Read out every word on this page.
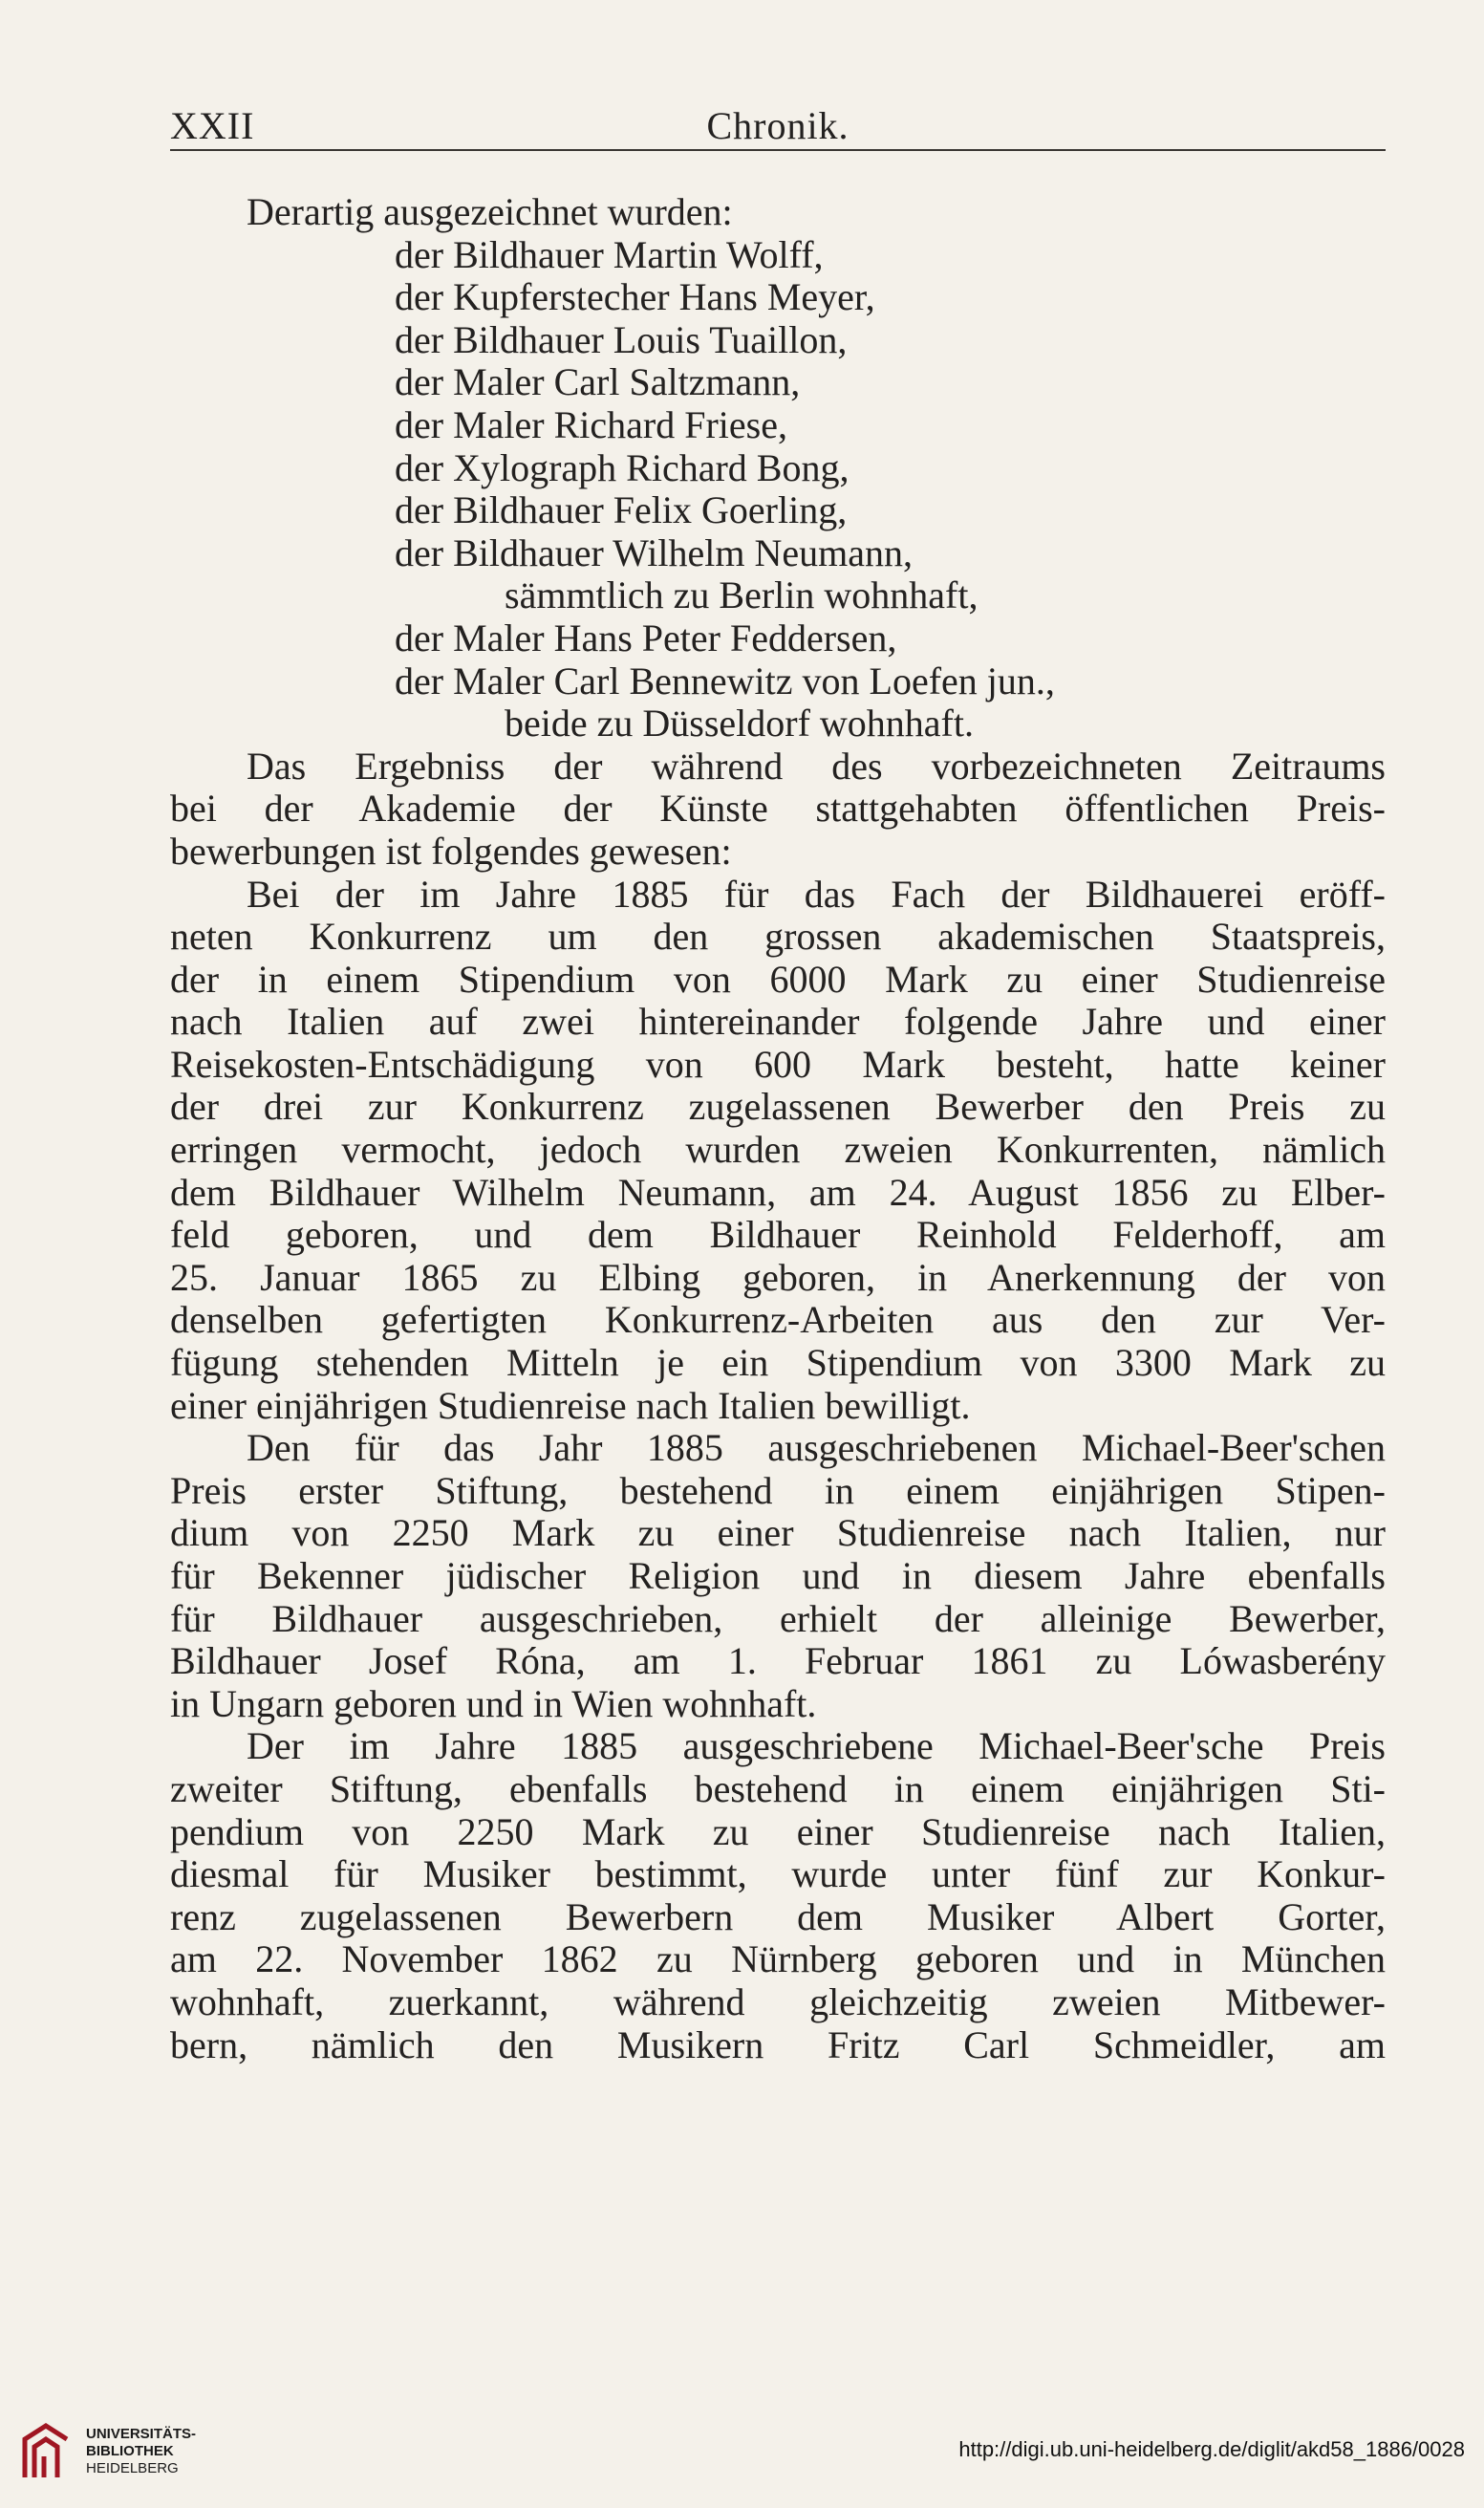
XXII	Chronik.
Derartig ausgezeichnet wurden:
der Bildhauer Martin Wolff,
der Kupferstecher Hans Meyer,
der Bildhauer Louis Tuaillon,
der Maler Carl Saltzmann,
der Maler Richard Friese,
der Xylograph Richard Bong,
der Bildhauer Felix Goerling,
der Bildhauer Wilhelm Neumann,
sämmtlich zu Berlin wohnhaft,
der Maler Hans Peter Feddersen,
der Maler Carl Bennewitz von Loefen jun.,
beide zu Düsseldorf wohnhaft.
Das Ergebniss der während des vorbezeichneten Zeitraums
bei der Akademie der Künste stattgehabten öffentlichen Preis-
bewerbungen ist folgendes gewesen:
Bei der im Jahre 1885 für das Fach der Bildhauerei eröff-
neten Konkurrenz um den grossen akademischen Staatspreis,
der in einem Stipendium von 6000 Mark zu einer Studienreise
nach Italien auf zwei hintereinander folgende Jahre und einer
Reisekosten-Entschädigung von 600 Mark besteht, hatte keiner
der drei zur Konkurrenz zugelassenen Bewerber den Preis zu
erringen vermocht, jedoch wurden zweien Konkurrenten, nämlich
dem Bildhauer Wilhelm Neumann, am 24. August 1856 zu Elber-
feld geboren, und dem Bildhauer Reinhold Felderhoff, am
25. Januar 1865 zu Elbing geboren, in Anerkennung der von
denselben gefertigten Konkurrenz-Arbeiten aus den zur Ver-
fügung stehenden Mitteln je ein Stipendium von 3300 Mark zu
einer einjährigen Studienreise nach Italien bewilligt.
Den für das Jahr 1885 ausgeschriebenen Michael-Beer'schen
Preis erster Stiftung, bestehend in einem einjährigen Stipen-
dium von 2250 Mark zu einer Studienreise nach Italien, nur
für Bekenner jüdischer Religion und in diesem Jahre ebenfalls
für Bildhauer ausgeschrieben, erhielt der alleinige Bewerber,
Bildhauer Josef Róna, am 1. Februar 1861 zu Lówasberény
in Ungarn geboren und in Wien wohnhaft.
Der im Jahre 1885 ausgeschriebene Michael-Beer'sche Preis
zweiter Stiftung, ebenfalls bestehend in einem einjährigen Sti-
pendium von 2250 Mark zu einer Studienreise nach Italien,
diesmal für Musiker bestimmt, wurde unter fünf zur Konkur-
renz zugelassenen Bewerbern dem Musiker Albert Gorter,
am 22. November 1862 zu Nürnberg geboren und in München
wohnhaft, zuerkannt, während gleichzeitig zweien Mitbewer-
bern, nämlich den Musikern Fritz Carl Schmeidler, am
UNIVERSITÄTS-
BIBLIOTHEK
HEIDELBERG
http://digi.ub.uni-heidelberg.de/diglit/akd58_1886/0028
